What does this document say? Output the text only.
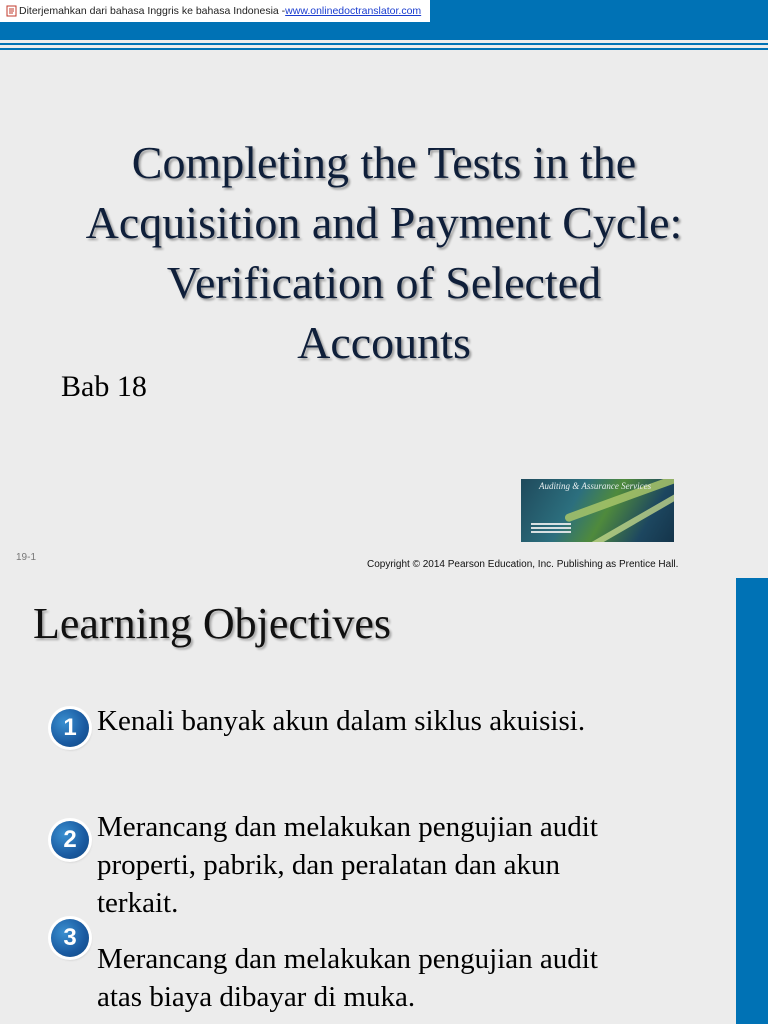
Diterjemahkan dari bahasa Inggris ke bahasa Indonesia - www.onlinedoctranslator.com
Completing the Tests in the
Acquisition and Payment Cycle:
Verification of Selected
Accounts
Bab 18
Auditing & Assurance Services
19-1
Copyright © 2014 Pearson Education, Inc. Publishing as Prentice Hall.
Learning Objectives
1 Kenali banyak akun dalam siklus akuisisi.
2 Merancang dan melakukan pengujian audit
properti, pabrik, dan peralatan dan akun
terkait.
3
Merancang dan melakukan pengujian audit
atas biaya dibayar di muka.
